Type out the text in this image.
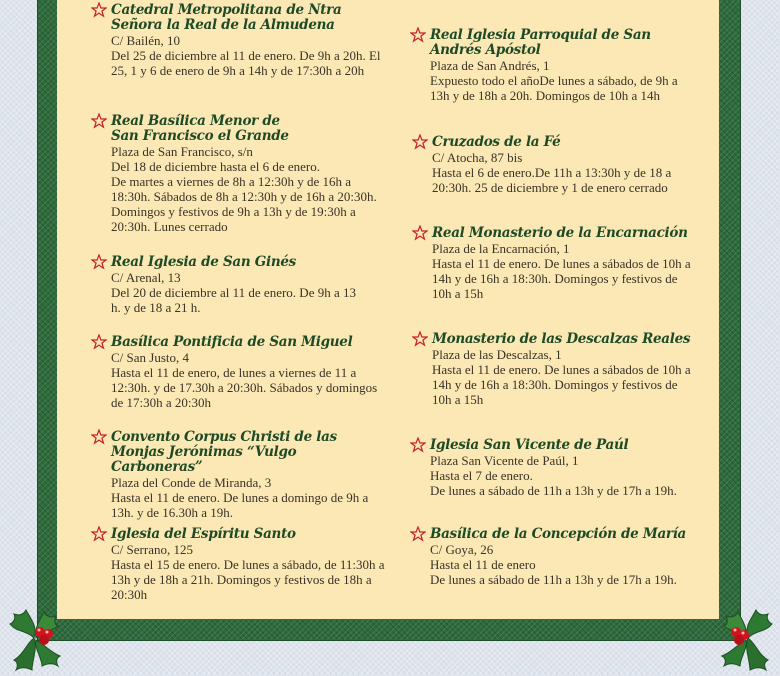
Catedral Metropolitana de Ntra Señora la Real de la Almudena
C/ Bailén, 10
Del 25 de diciembre al 11 de enero. De 9h a 20h. El 25, 1 y 6 de enero de 9h a 14h y de 17:30h a 20h
Real Basílica Menor de San Francisco el Grande
Plaza de San Francisco, s/n
Del 18 de diciembre hasta el 6 de enero.
De martes a viernes de 8h a 12:30h y de 16h a 18:30h. Sábados de 8h a 12:30h y de 16h a 20:30h. Domingos y festivos de 9h a 13h y de 19:30h a 20:30h. Lunes cerrado
Real Iglesia de San Ginés
C/ Arenal, 13
Del 20 de diciembre al 11 de enero. De 9h a 13 h. y de 18 a 21 h.
Basílica Pontificia de San Miguel
C/ San Justo, 4
Hasta el 11 de enero, de lunes a viernes de 11 a 12:30h. y de 17.30h a 20:30h. Sábados y domingos de 17:30h a 20:30h
Convento Corpus Christi de las Monjas Jerónimas “Vulgo Carboneras”
Plaza del Conde de Miranda, 3
Hasta el 11 de enero. De lunes a domingo de 9h a 13h. y de 16.30h a 19h.
Iglesia del Espíritu Santo
C/ Serrano, 125
Hasta el 15 de enero. De lunes a sábado, de 11:30h a 13h y de 18h a 21h. Domingos y festivos de 18h a 20:30h
Real Iglesia Parroquial de San Andrés Apóstol
Plaza de San Andrés, 1
Expuesto todo el añoDe lunes a sábado, de 9h a 13h y de 18h a 20h. Domingos de 10h a 14h
Cruzados de la Fé
C/ Atocha, 87 bis
Hasta el 6 de enero.De 11h a 13:30h y de 18 a 20:30h. 25 de diciembre y 1 de enero cerrado
Real Monasterio de la Encarnación
Plaza de la Encarnación, 1
Hasta el 11 de enero. De lunes a sábados de 10h a 14h y de 16h a 18:30h. Domingos y festivos de 10h a 15h
Monasterio de las Descalzas Reales
Plaza de las Descalzas, 1
Hasta el 11 de enero. De lunes a sábados de 10h a 14h y de 16h a 18:30h. Domingos y festivos de 10h a 15h
Iglesia San Vicente de Paúl
Plaza San Vicente de Paúl, 1
Hasta el 7 de enero.
De lunes a sábado de 11h a 13h y de 17h a 19h.
Basílica de la Concepción de María
C/ Goya, 26
Hasta el 11 de enero
De lunes a sábado de 11h a 13h y de 17h a 19h.
